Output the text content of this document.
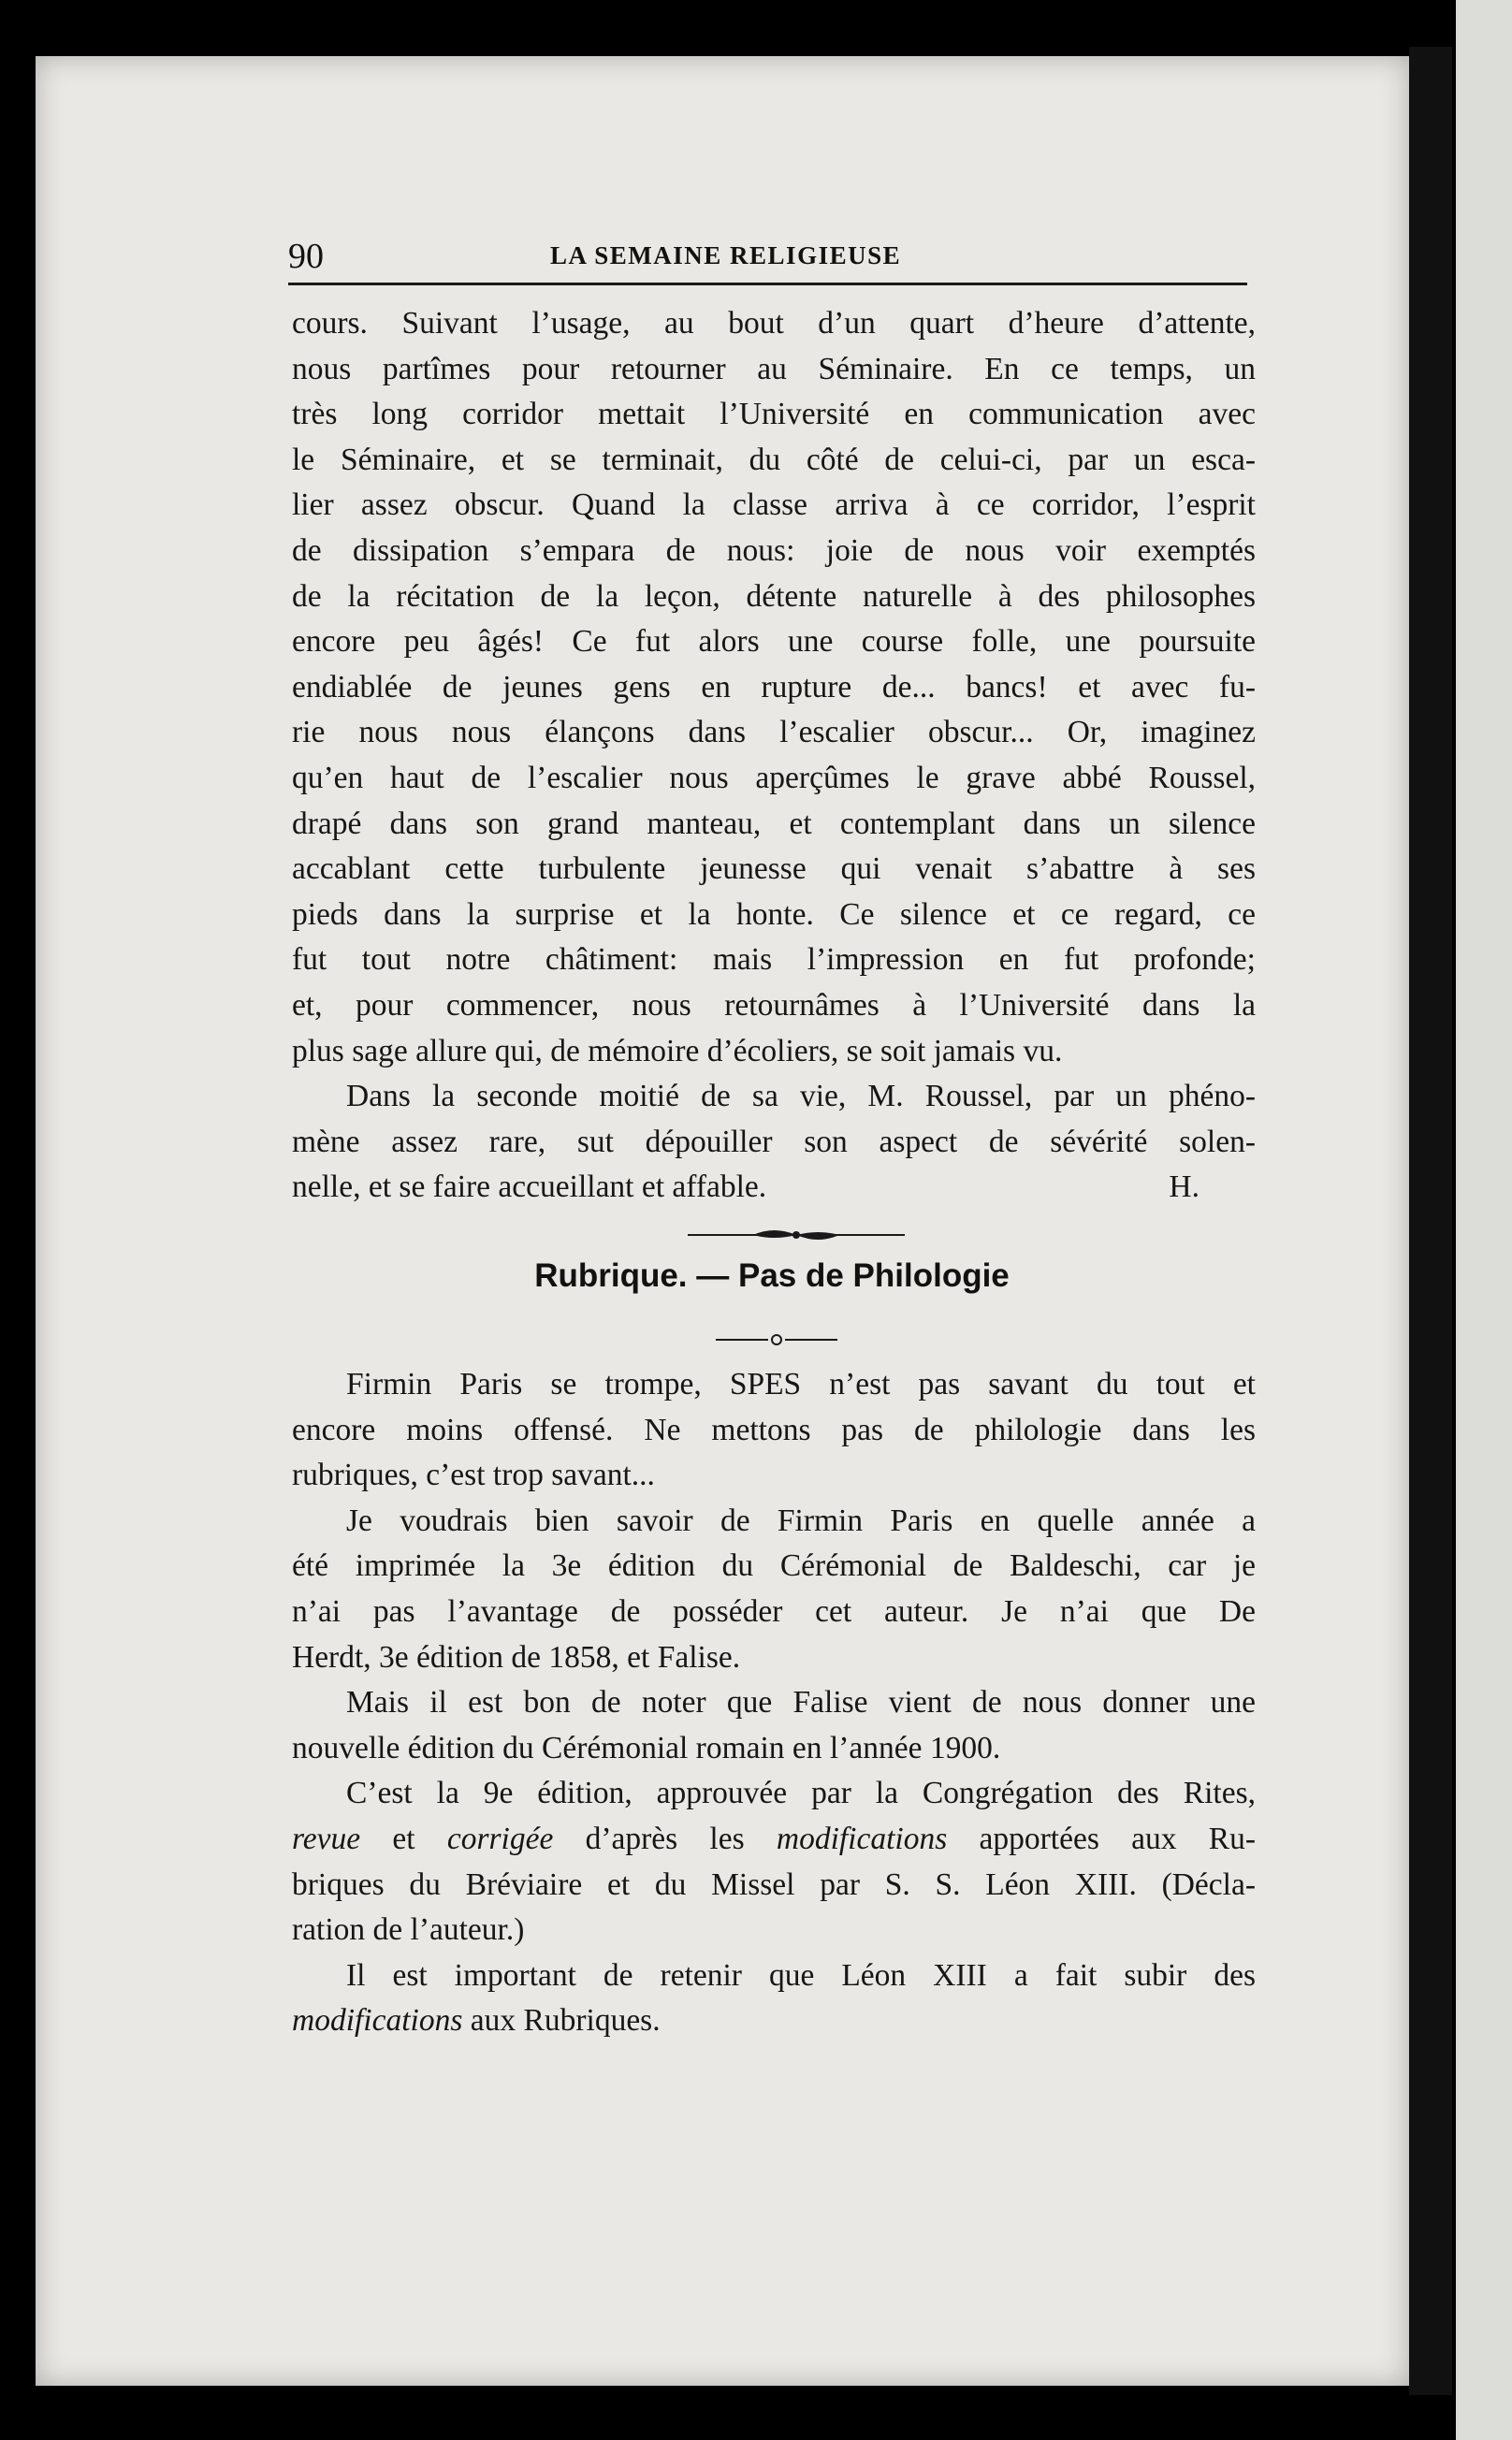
90	LA SEMAINE RELIGIEUSE

cours. Suivant l’usage, au bout d’un quart d’heure d’attente,
nous partîmes pour retourner au Séminaire. En ce temps, un
très long corridor mettait l’Université en communication avec
le Séminaire, et se terminait, du côté de celui-ci, par un esca-
lier assez obscur. Quand la classe arriva à ce corridor, l’esprit
de dissipation s’empara de nous: joie de nous voir exemptés
de la récitation de la leçon, détente naturelle à des philosophes
encore peu âgés! Ce fut alors une course folle, une poursuite
endiablée de jeunes gens en rupture de... bancs! et avec fu-
rie nous nous élançons dans l’escalier obscur... Or, imaginez
qu’en haut de l’escalier nous aperçûmes le grave abbé Roussel,
drapé dans son grand manteau, et contemplant dans un silence
accablant cette turbulente jeunesse qui venait s’abattre à ses
pieds dans la surprise et la honte. Ce silence et ce regard, ce
fut tout notre châtiment: mais l’impression en fut profonde;
et, pour commencer, nous retournâmes à l’Université dans la
plus sage allure qui, de mémoire d’écoliers, se soit jamais vu.

Dans la seconde moitié de sa vie, M. Roussel, par un phéno-
mène assez rare, sut dépouiller son aspect de sévérité solen-
nelle, et se faire accueillant et affable.	H.

Rubrique. — Pas de Philologie

Firmin Paris se trompe, SPES n’est pas savant du tout et
encore moins offensé. Ne mettons pas de philologie dans les
rubriques, c’est trop savant...

Je voudrais bien savoir de Firmin Paris en quelle année a
été imprimée la 3e édition du Cérémonial de Baldeschi, car je
n’ai pas l’avantage de posséder cet auteur. Je n’ai que De
Herdt, 3e édition de 1858, et Falise.

Mais il est bon de noter que Falise vient de nous donner une
nouvelle édition du Cérémonial romain en l’année 1900.

C’est la 9e édition, approuvée par la Congrégation des Rites,
revue et corrigée d’après les modifications apportées aux Ru-
briques du Bréviaire et du Missel par S. S. Léon XIII. (Décla-
ration de l’auteur.)

Il est important de retenir que Léon XIII a fait subir des
modifications aux Rubriques.
